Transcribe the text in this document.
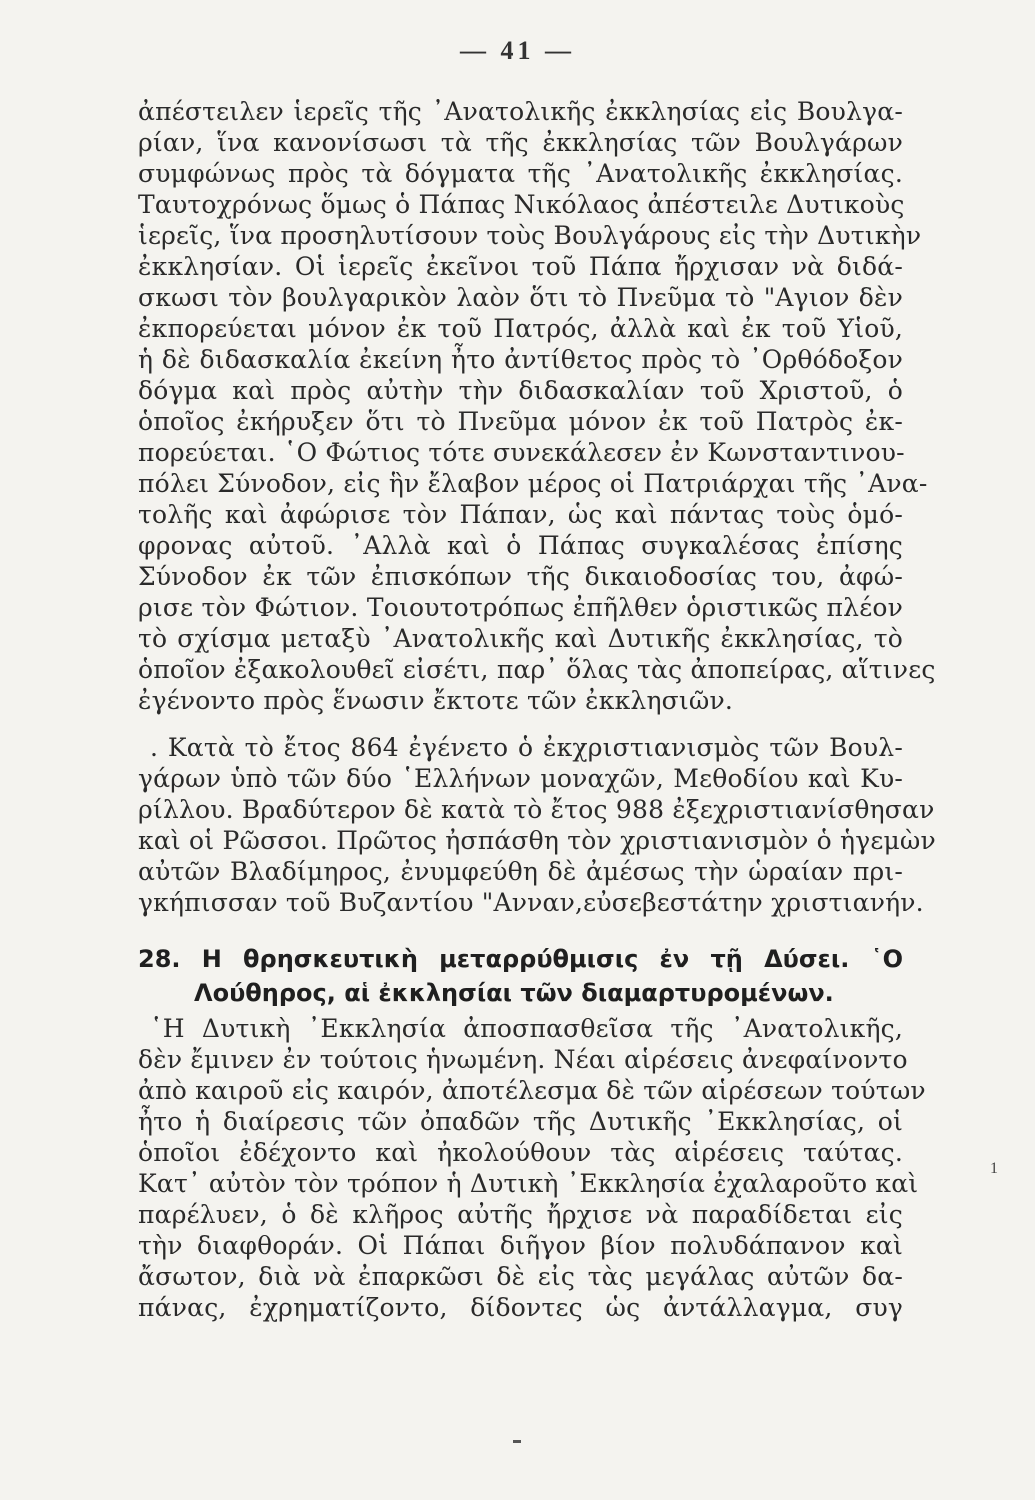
— 41 —
ἀπέστειλεν ἱερεῖς τῆς ᾿Ανατολικῆς ἐκκλησίας εἰς Βουλγα-
ρίαν, ἵνα κανονίσωσι τὰ τῆς ἐκκλησίας τῶν Βουλγάρων
συμφώνως πρὸς τὰ δόγματα τῆς ᾿Ανατολικῆς ἐκκλησίας.
Ταυτοχρόνως ὅμως ὁ Πάπας Νικόλαος ἀπέστειλε Δυτικοὺς
ἱερεῖς, ἵνα προσηλυτίσουν τοὺς Βουλγάρους εἰς τὴν Δυτικὴν
ἐκκλησίαν. Οἱ ἱερεῖς ἐκεῖνοι τοῦ Πάπα ἤρχισαν νὰ διδά-
σκωσι τὸν βουλγαρικὸν λαὸν ὅτι τὸ Πνεῦμα τὸ "Αγιον δὲν
ἐκπορεύεται μόνον ἐκ τοῦ Πατρός, ἀλλὰ καὶ ἐκ τοῦ Υἱοῦ,
ἡ δὲ διδασκαλία ἐκείνη ἦτο ἀντίθετος πρὸς τὸ ᾿Ορθόδοξον
δόγμα καὶ πρὸς αὐτὴν τὴν διδασκαλίαν τοῦ Χριστοῦ, ὁ
ὁποῖος ἐκήρυξεν ὅτι τὸ Πνεῦμα μόνον ἐκ τοῦ Πατρὸς ἐκ-
πορεύεται. ῾Ο Φώτιος τότε συνεκάλεσεν ἐν Κωνσταντινου-
πόλει Σύνοδον, εἰς ἣν ἔλαβον μέρος οἱ Πατριάρχαι τῆς ᾿Ανα-
τολῆς καὶ ἀφώρισε τὸν Πάπαν, ὡς καὶ πάντας τοὺς ὁμό-
φρονας αὐτοῦ. ᾿Αλλὰ καὶ ὁ Πάπας συγκαλέσας ἐπίσης
Σύνοδον ἐκ τῶν ἐπισκόπων τῆς δικαιοδοσίας του, ἀφώ-
ρισε τὸν Φώτιον. Τοιουτοτρόπως ἐπῆλθεν ὁριστικῶς πλέον
τὸ σχίσμα μεταξὺ ᾿Ανατολικῆς καὶ Δυτικῆς ἐκκλησίας, τὸ
ὁποῖον ἐξακολουθεῖ εἰσέτι, παρ᾿ ὅλας τὰς ἀποπείρας, αἵτινες
ἐγένοντο πρὸς ἕνωσιν ἔκτοτε τῶν ἐκκλησιῶν.
. Κατὰ τὸ ἔτος 864 ἐγένετο ὁ ἐκχριστιανισμὸς τῶν Βουλ-
γάρων ὑπὸ τῶν δύο ῾Ελλήνων μοναχῶν, Μεθοδίου καὶ Κυ-
ρίλλου. Βραδύτερον δὲ κατὰ τὸ ἔτος 988 ἐξεχριστιανίσθησαν
καὶ οἱ Ρῶσσοι. Πρῶτος ἠσπάσθη τὸν χριστιανισμὸν ὁ ἡγεμὼν
αὐτῶν Βλαδίμηρος, ἐνυμφεύθη δὲ ἀμέσως τὴν ὡραίαν πρι-
γκήπισσαν τοῦ Βυζαντίου "Ανναν,εὐσεβεστάτην χριστιανήν.
28. Η θρησκευτικὴ μεταρρύθμισις ἐν τῇ Δύσει. ῾Ο
Λούθηρος, αἱ ἐκκλησίαι τῶν διαμαρτυρομένων.
῾Η Δυτικὴ ᾿Εκκλησία ἀποσπασθεῖσα τῆς ᾿Ανατολικῆς,
δὲν ἔμινεν ἐν τούτοις ἡνωμένη. Νέαι αἱρέσεις ἀνεφαίνοντο
ἀπὸ καιροῦ εἰς καιρόν, ἀποτέλεσμα δὲ τῶν αἱρέσεων τούτων
ἦτο ἡ διαίρεσις τῶν ὀπαδῶν τῆς Δυτικῆς ᾿Εκκλησίας, οἱ
ὁποῖοι ἐδέχοντο καὶ ἠκολούθουν τὰς αἱρέσεις ταύτας.
Κατ᾿ αὐτὸν τὸν τρόπον ἡ Δυτικὴ ᾿Εκκλησία ἐχαλαροῦτο καὶ
παρέλυεν, ὁ δὲ κλῆρος αὐτῆς ἤρχισε νὰ παραδίδεται εἰς
τὴν διαφθοράν. Οἱ Πάπαι διῆγον βίον πολυδάπανον καὶ
ἄσωτον, διὰ νὰ ἐπαρκῶσι δὲ εἰς τὰς μεγάλας αὐτῶν δα-
πάνας, ἐχρηματίζοντο, δίδοντες ὡς ἀντάλλαγμα, συγ
1
